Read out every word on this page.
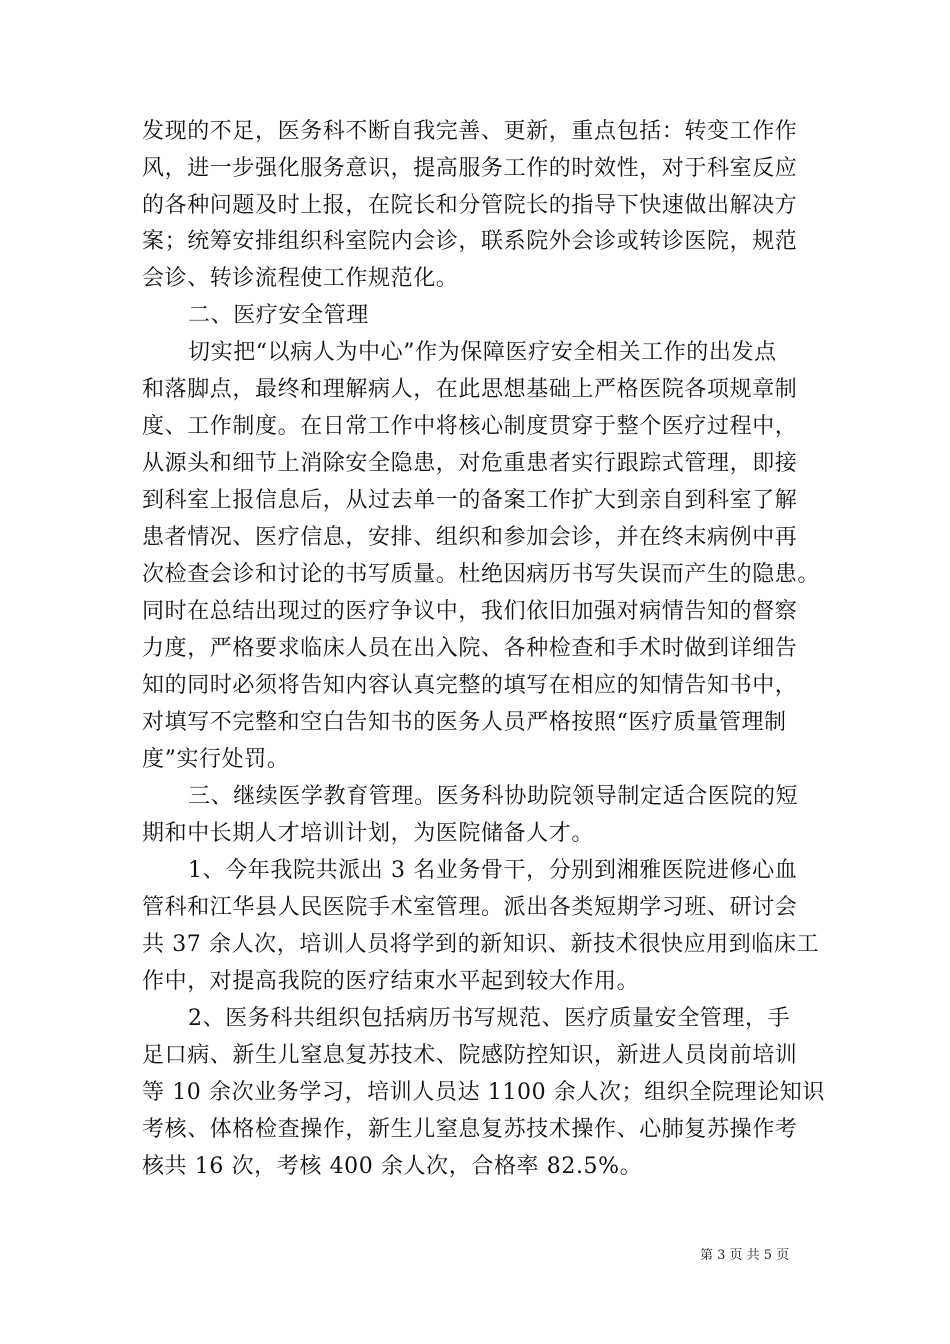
发现的不足，医务科不断自我完善、更新，重点包括：转变工作作
风，进一步强化服务意识，提高服务工作的时效性，对于科室反应
的各种问题及时上报，在院长和分管院长的指导下快速做出解决方
案；统筹安排组织科室院内会诊，联系院外会诊或转诊医院，规范
会诊、转诊流程使工作规范化。
二、医疗安全管理
切实把“以病人为中心”作为保障医疗安全相关工作的出发点
和落脚点，最终和理解病人，在此思想基础上严格医院各项规章制
度、工作制度。在日常工作中将核心制度贯穿于整个医疗过程中，
从源头和细节上消除安全隐患，对危重患者实行跟踪式管理，即接
到科室上报信息后，从过去单一的备案工作扩大到亲自到科室了解
患者情况、医疗信息，安排、组织和参加会诊，并在终末病例中再
次检查会诊和讨论的书写质量。杜绝因病历书写失误而产生的隐患。
同时在总结出现过的医疗争议中，我们依旧加强对病情告知的督察
力度，严格要求临床人员在出入院、各种检查和手术时做到详细告
知的同时必须将告知内容认真完整的填写在相应的知情告知书中，
对填写不完整和空白告知书的医务人员严格按照“医疗质量管理制
度”实行处罚。
三、继续医学教育管理。医务科协助院领导制定适合医院的短
期和中长期人才培训计划，为医院储备人才。
1、今年我院共派出 3 名业务骨干，分别到湘雅医院进修心血
管科和江华县人民医院手术室管理。派出各类短期学习班、研讨会
共 37 余人次，培训人员将学到的新知识、新技术很快应用到临床工
作中，对提高我院的医疗结束水平起到较大作用。
2、医务科共组织包括病历书写规范、医疗质量安全管理，手
足口病、新生儿窒息复苏技术、院感防控知识，新进人员岗前培训
等 10 余次业务学习，培训人员达 1100 余人次；组织全院理论知识
考核、体格检查操作，新生儿窒息复苏技术操作、心肺复苏操作考
核共 16 次，考核 400 余人次，合格率 82.5%。
第 3 页 共 5 页
